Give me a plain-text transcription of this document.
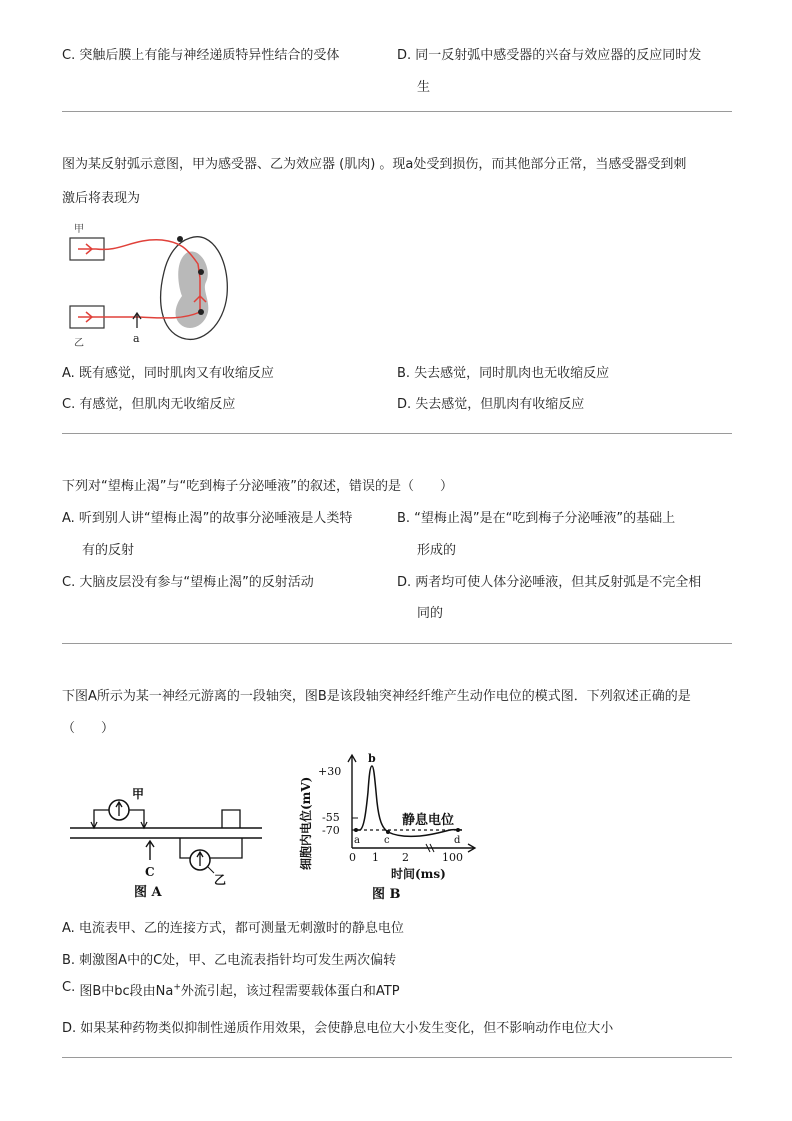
C. 突触后膜上有能与神经递质特异性结合的受体	D. 同一反射弧中感受器的兴奋与效应器的反应同时发
生
图为某反射弧示意图，甲为感受器、乙为效应器 (肌肉) 。现a处受到损伤，而其他部分正常，当感受器受到刺
激后将表现为
甲
乙	a
A. 既有感觉，同时肌肉又有收缩反应	B. 失去感觉，同时肌肉也无收缩反应
C. 有感觉，但肌肉无收缩反应	D. 失去感觉，但肌肉有收缩反应
下列对“望梅止渴”与“吃到梅子分泌唾液”的叙述，错误的是（　　）
A. 听到别人讲“望梅止渴”的故事分泌唾液是人类特
有的反射
B. “望梅止渴”是在“吃到梅子分泌唾液”的基础上
形成的
C. 大脑皮层没有参与“望梅止渴”的反射活动	D. 两者均可使人体分泌唾液，但其反射弧是不完全相
同的
下图A所示为某一神经元游离的一段轴突，图B是该段轴突神经纤维产生动作电位的模式图．下列叙述正确的是
（　　）
甲
乙
C
图 A
细胞内电位(mV)
+30
-55
-70
a
b
c	d
静息电位
0 1 2	100
时间(ms)
图 B
A. 电流表甲、乙的连接方式，都可测量无刺激时的静息电位
B. 刺激图A中的C处，甲、乙电流表指针均可发生两次偏转
C. 图B中bc段由Na+外流引起，该过程需要载体蛋白和ATP
D. 如果某种药物类似抑制性递质作用效果，会使静息电位大小发生变化，但不影响动作电位大小
